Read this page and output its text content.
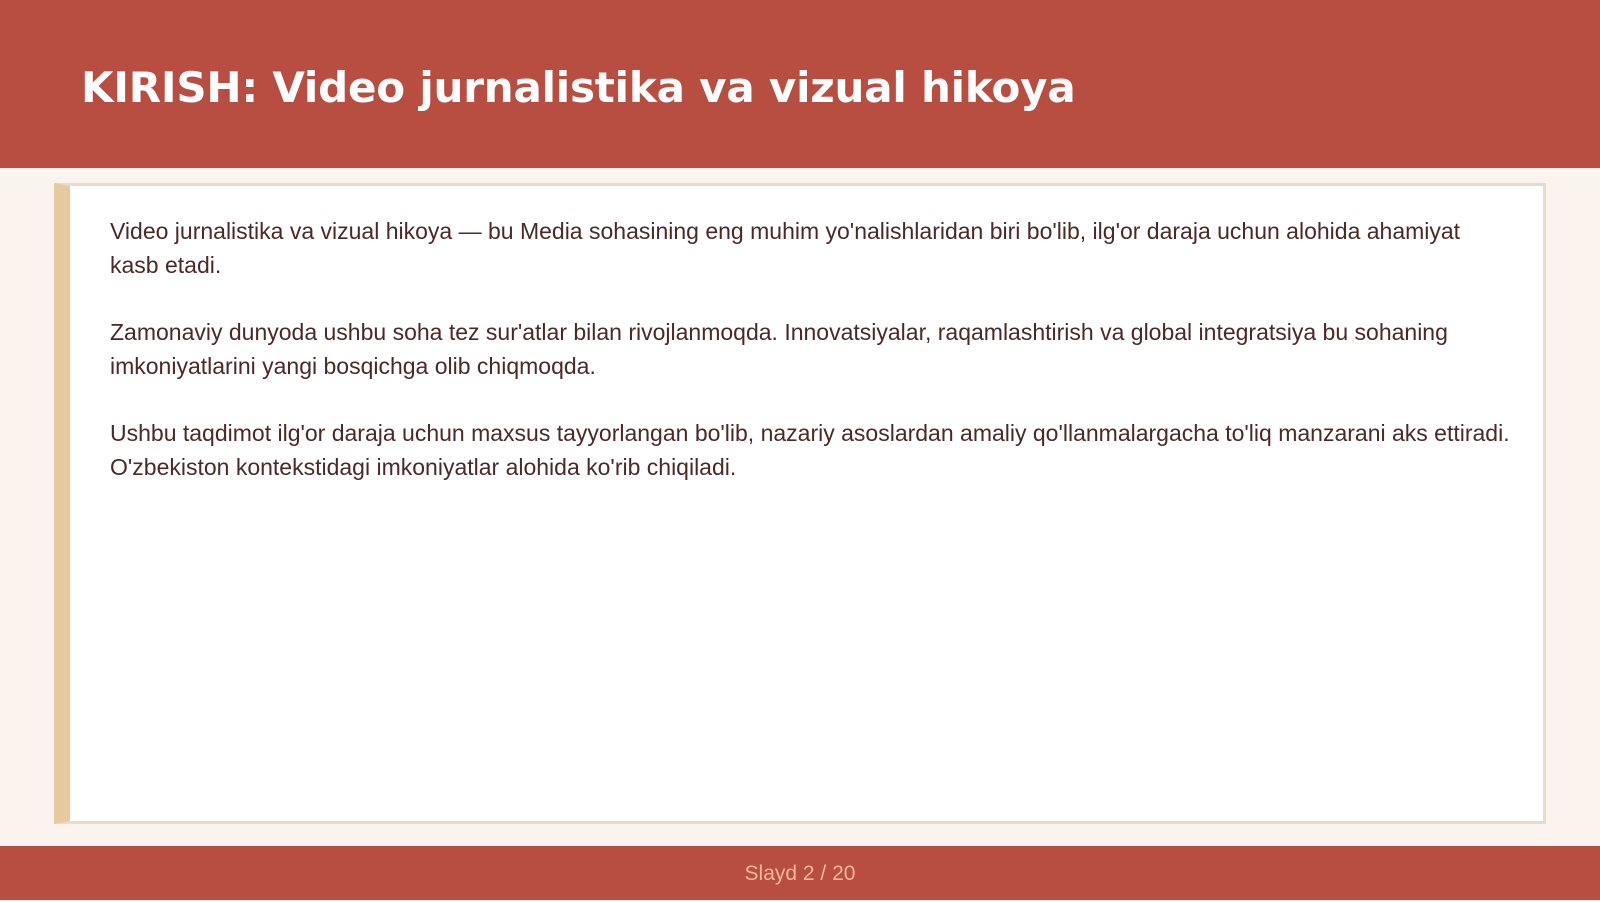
KIRISH: Video jurnalistika va vizual hikoya

Video jurnalistika va vizual hikoya — bu Media sohasining eng muhim yo'nalishlaridan biri bo'lib, ilg'or daraja uchun alohida ahamiyat kasb etadi.

Zamonaviy dunyoda ushbu soha tez sur'atlar bilan rivojlanmoqda. Innovatsiyalar, raqamlashtirish va global integratsiya bu sohaning imkoniyatlarini yangi bosqichga olib chiqmoqda.

Ushbu taqdimot ilg'or daraja uchun maxsus tayyorlangan bo'lib, nazariy asoslardan amaliy qo'llanmalargacha to'liq manzarani aks ettiradi. O'zbekiston kontekstidagi imkoniyatlar alohida ko'rib chiqiladi.

Slayd 2 / 20
